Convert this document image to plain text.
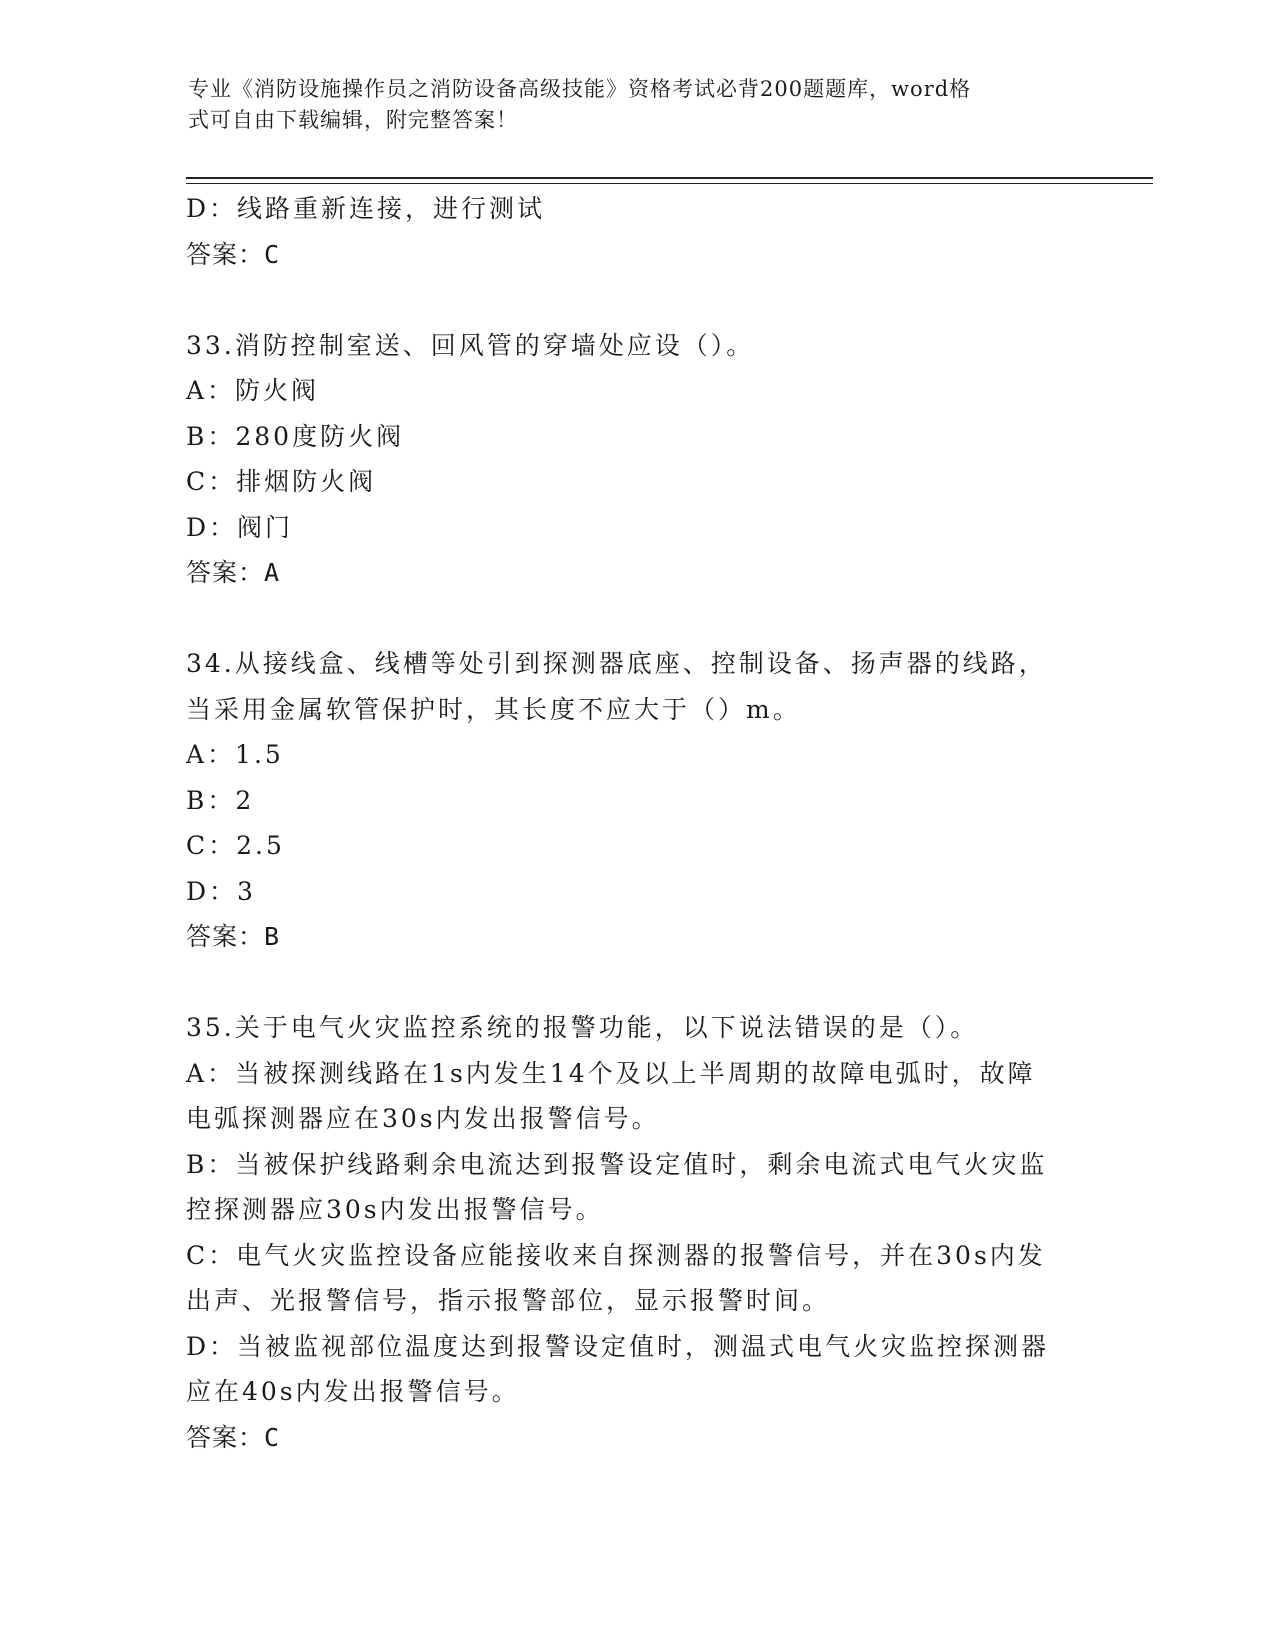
专业《消防设施操作员之消防设备高级技能》资格考试必背200题题库，word格
式可自由下载编辑，附完整答案！
D：线路重新连接，进行测试
答案：C
33.消防控制室送、回风管的穿墙处应设（）。
A：防火阀
B：280度防火阀
C：排烟防火阀
D：阀门
答案：A
34.从接线盒、线槽等处引到探测器底座、控制设备、扬声器的线路，
当采用金属软管保护时，其长度不应大于（）m。
A：1.5
B：2
C：2.5
D：3
答案：B
35.关于电气火灾监控系统的报警功能，以下说法错误的是（）。
A：当被探测线路在1s内发生14个及以上半周期的故障电弧时，故障
电弧探测器应在30s内发出报警信号。
B：当被保护线路剩余电流达到报警设定值时，剩余电流式电气火灾监
控探测器应30s内发出报警信号。
C：电气火灾监控设备应能接收来自探测器的报警信号，并在30s内发
出声、光报警信号，指示报警部位，显示报警时间。
D：当被监视部位温度达到报警设定值时，测温式电气火灾监控探测器
应在40s内发出报警信号。
答案：C
